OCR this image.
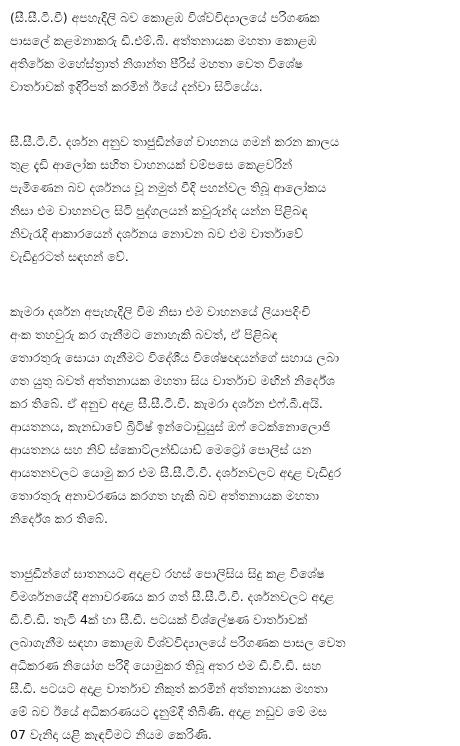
(සී.සී.ටී.වී) අපහැදිලි බව කොළඹ විශ්වවිද්‍යාලයේ පරිගණක
පාසලේ කළමනාකරු ඩී.එම්.බී. අත්තනායක මහතා කොළඹ
අතිරේක මහේස්ත්‍රාත් නිශාන්ත පීරිස් මහතා වෙත විශේෂ
වාර්තාවක් ඉදිරිපත් කරමින් ඊයේ දන්වා සිටියේය.
සී.සී.ටී.වී. දර්ශන අනුව තාජුඩීන්ගේ වාහනය ගමන් කරන කාලය
තුළ දැඩි ආලෝක සහිත වාහනයක් වම්පසෙ කෙළවරින්
පැමිණෙන බව දර්ශනය වූ නමුත් වීදි පහන්වල තිබූ ආලෝකය
නිසා එම වාහනවල සිටි පුද්ගලයන් කවුරුන්ද යන්න පිළිබඳ
නිවැරැදි ආකාරයෙන් දර්ශනය නොවන බව එම වාර්තාවේ
වැඩිදුරටත් සඳහන් වේ.
කැමරා දර්ශන අපැහැදිලි වීම නිසා එම වාහනයේ ලියාපදිංචි
අංක තහවුරු කර ගැනීමට නොහැකි බවත්, ඒ පිළිබඳ
තොරතුරු සොයා ගැනීමට විදේශීය විශේෂඥයන්ගේ සහාය ලබා
ගත යුතු බවත් අත්තනායක මහතා සිය වාර්තාව මඟින් නිර්දේශ
කර තිබේ. ඒ අනුව අදාළ සී.සී.ටී.වී. කැමරා දර්ශන එෆ්.බී.අයි.
ආයතනය, කැනඩාවේ බ්‍රිටිෂ් ඉන්ටොඩුයුස් ඔෆ් ටෙක්නොලොජි
ආයතනය සහ නිව් ස්කොට්ලන්ඩ්යාඩ් මෙට්‍රෝ පොලිස් යන
ආයතනවලට යොමු කර එම සී.සී.ටී.වී. දර්ශනවලට අදාළ වැඩිදුර
තොරතුරු අනාවරණය කරගත හැකි බව අත්තනායක මහතා
නිර්දේශ කර තිබේ.
තාජුඩීන්ගේ ඝාතනයට අදාළව රහස් පොලිසිය සිදු කළ විශේෂ
විමර්ශනයේදී අනාවරණය කර ගත් සී.සී.ටී.වී. දර්ශනවලට අදාළ
ඩී.වී.ඩී. තැටි 4ක් හා සී.ඩී. පටයක් විශ්ලේෂණ වාර්තාවක්
ලබාගැනීම සඳහා කොළඹ විශ්වවිද්‍යාලයේ පරිගණක පාසල වෙත
අධිකරණ නියෝග පරිදි යොමුකර තිබූ අතර එම ඩී.වී.ඩී. සහ
සී.ඩී. පටයට අදාළ වාර්තාව නිකුත් කරමින් අත්තනායක මහතා
මේ බව ඊයේ අධිකරණයට දැනුම්දී තිබිණි. අදාළ නඩුව මේ මස
07 වැනිදා යළි කැඳවීමට නියම කෙරිණි.
